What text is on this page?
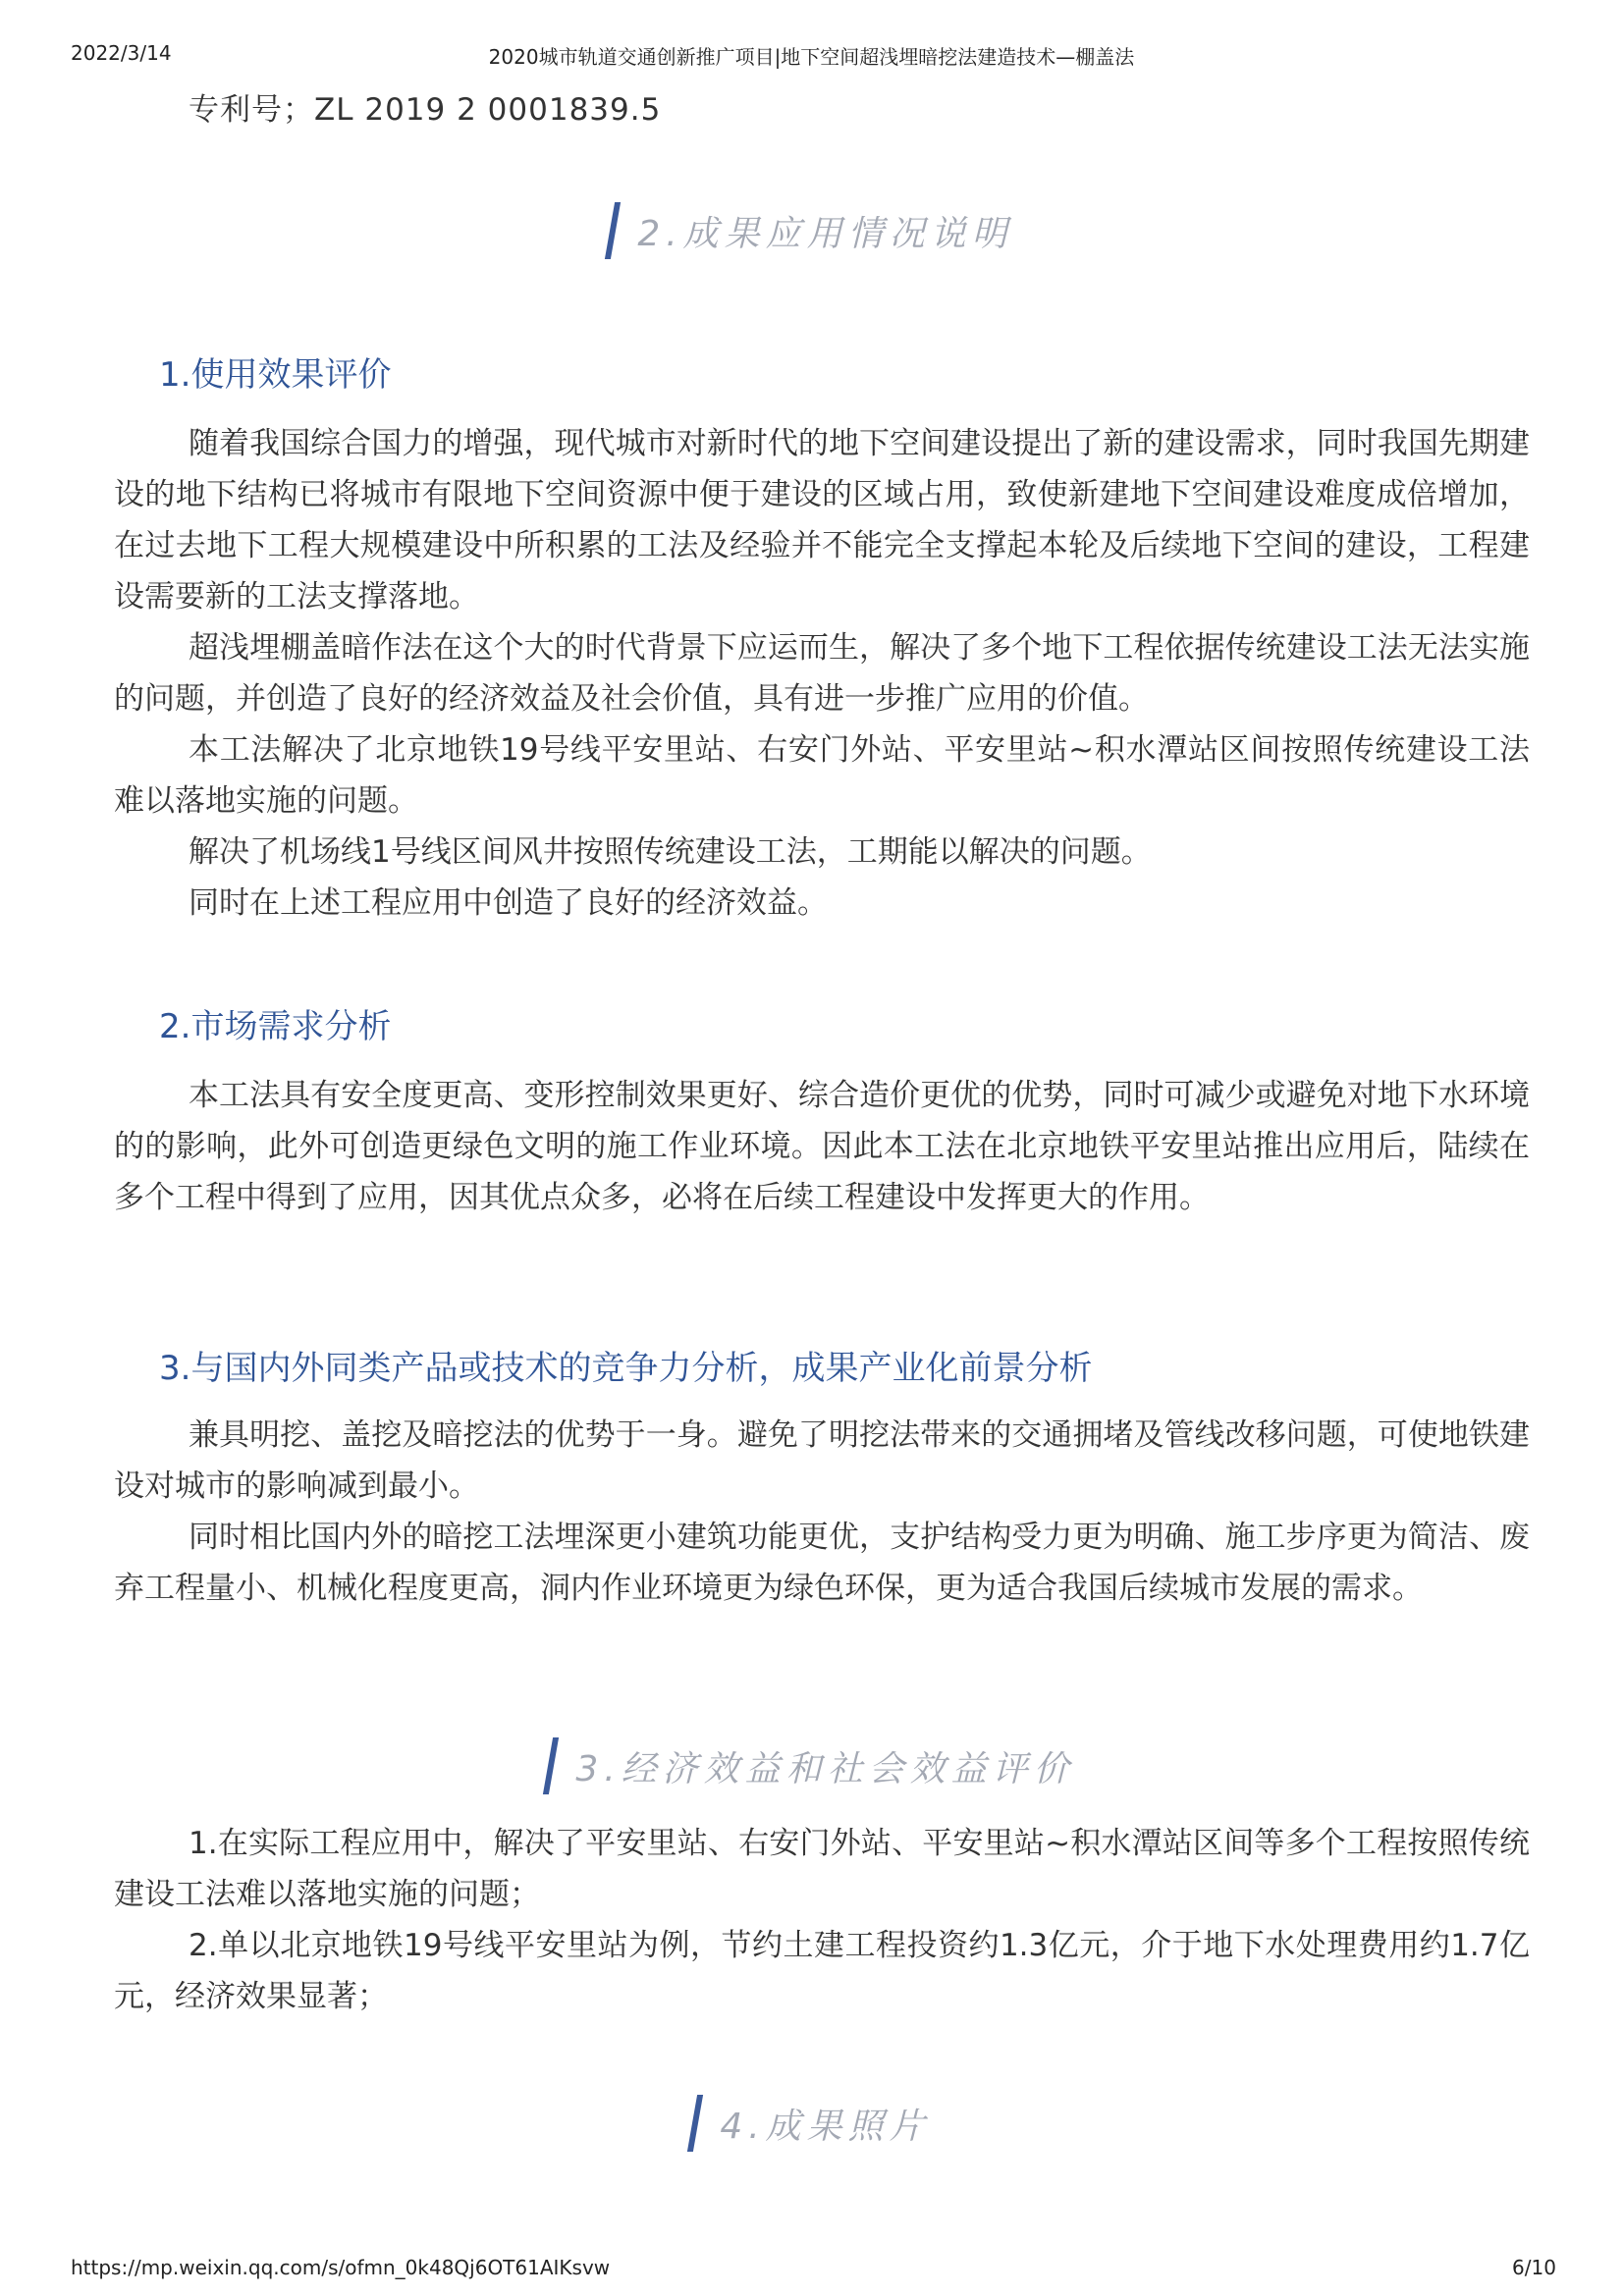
2022/3/14	2020城市轨道交通创新推广项目|地下空间超浅埋暗挖法建造技术—棚盖法
专利号；ZL 2019 2 0001839.5
2.成果应用情况说明
1.使用效果评价

随着我国综合国力的增强，现代城市对新时代的地下空间建设提出了新的建设需求，同时我国先期建设的地下结构已将城市有限地下空间资源中便于建设的区域占用，致使新建地下空间建设难度成倍增加，在过去地下工程大规模建设中所积累的工法及经验并不能完全支撑起本轮及后续地下空间的建设，工程建设需要新的工法支撑落地。

超浅埋棚盖暗作法在这个大的时代背景下应运而生，解决了多个地下工程依据传统建设工法无法实施的问题，并创造了良好的经济效益及社会价值，具有进一步推广应用的价值。

本工法解决了北京地铁19号线平安里站、右安门外站、平安里站~积水潭站区间按照传统建设工法难以落地实施的问题。

解决了机场线1号线区间风井按照传统建设工法，工期能以解决的问题。

同时在上述工程应用中创造了良好的经济效益。

2.市场需求分析

本工法具有安全度更高、变形控制效果更好、综合造价更优的优势，同时可减少或避免对地下水环境的的影响，此外可创造更绿色文明的施工作业环境。因此本工法在北京地铁平安里站推出应用后，陆续在多个工程中得到了应用，因其优点众多，必将在后续工程建设中发挥更大的作用。

3.与国内外同类产品或技术的竞争力分析，成果产业化前景分析

兼具明挖、盖挖及暗挖法的优势于一身。避免了明挖法带来的交通拥堵及管线改移问题，可使地铁建设对城市的影响减到最小。

同时相比国内外的暗挖工法埋深更小建筑功能更优，支护结构受力更为明确、施工步序更为简洁、废弃工程量小、机械化程度更高，洞内作业环境更为绿色环保，更为适合我国后续城市发展的需求。

3.经济效益和社会效益评价

1.在实际工程应用中，解决了平安里站、右安门外站、平安里站~积水潭站区间等多个工程按照传统建设工法难以落地实施的问题；

2.单以北京地铁19号线平安里站为例，节约土建工程投资约1.3亿元，介于地下水处理费用约1.7亿元，经济效果显著；

4.成果照片
https://mp.weixin.qq.com/s/ofmn_0k48Qj6OT61AIKsvw	6/10
